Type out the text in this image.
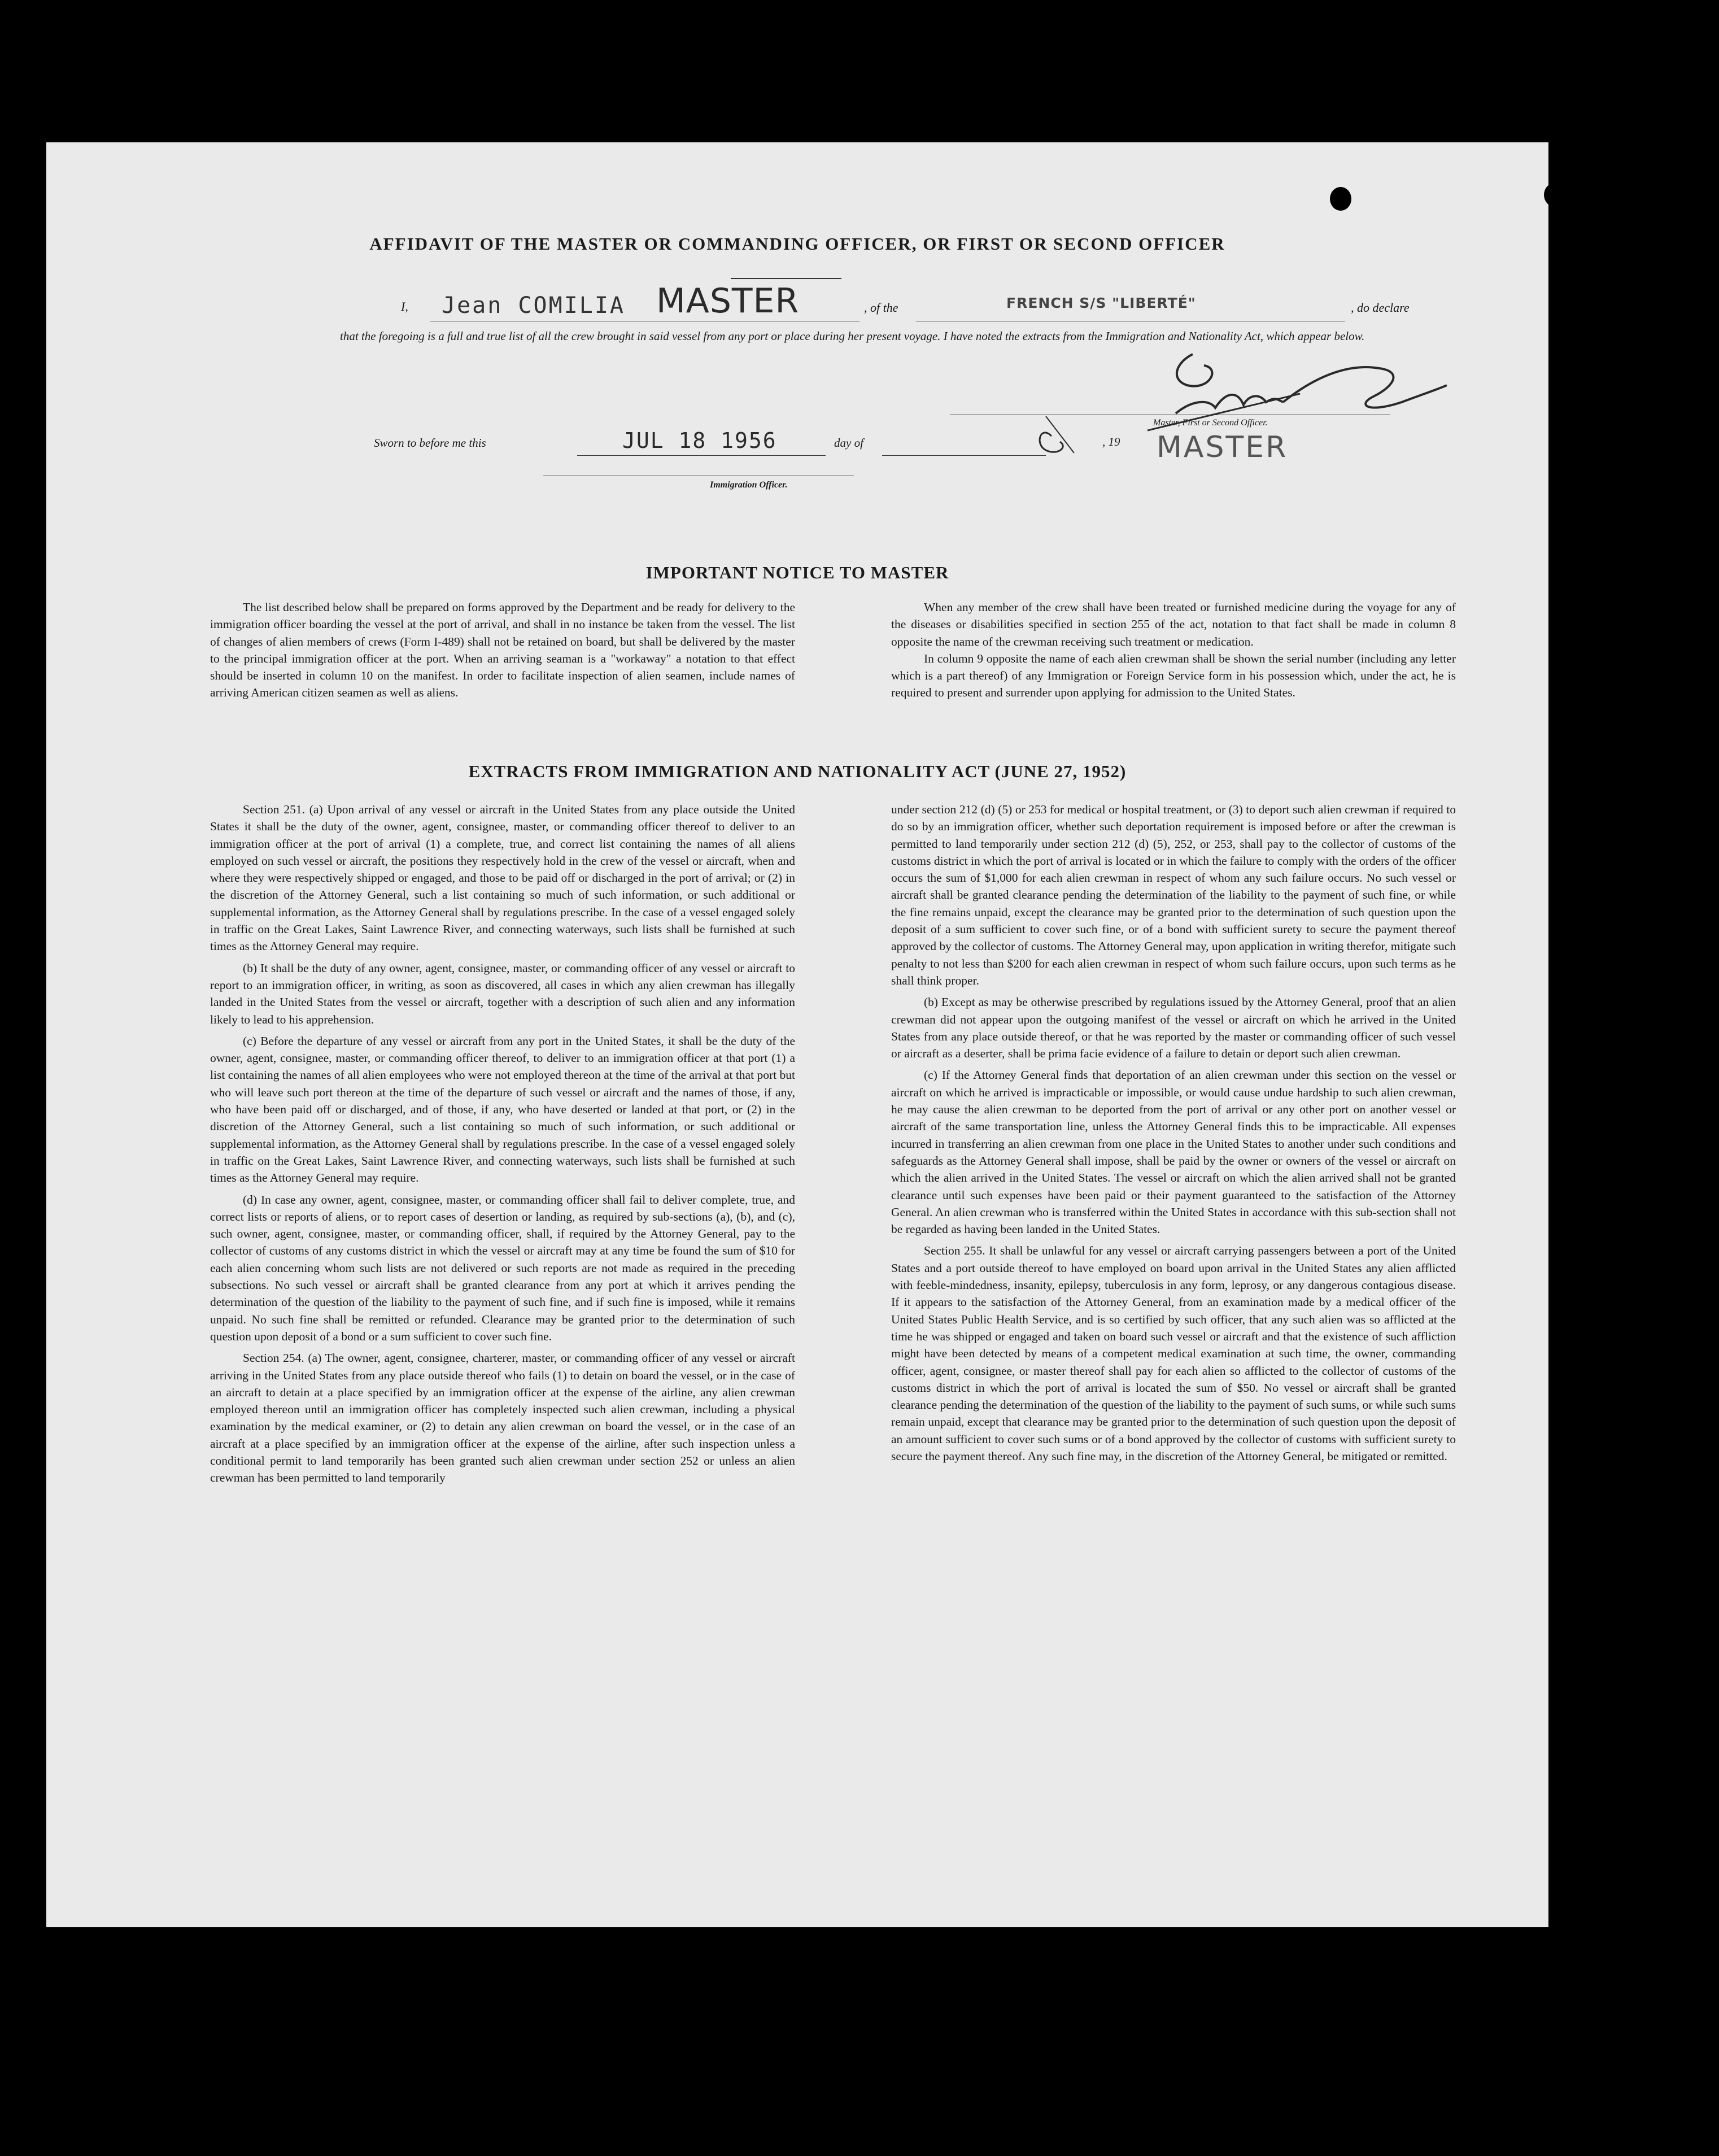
AFFIDAVIT OF THE MASTER OR COMMANDING OFFICER, OR FIRST OR SECOND OFFICER
I, Jean COMILIA MASTER	, of the	FRENCH S/S "LIBERTÉ"	, do declare
that the foregoing is a full and true list of all the crew brought in said vessel from any port or place during her present voyage. I have noted the extracts from the Immigration and Nationality Act, which appear below.
Sworn to before me this	JUL 18 1956	day of	, 19
Master, First or Second Officer.
MASTER
Immigration Officer.
IMPORTANT NOTICE TO MASTER

The list described below shall be prepared on forms approved by the Department and be ready for delivery to the immigration officer boarding the vessel at the port of arrival, and shall in no instance be taken from the vessel. The list of changes of alien members of crews (Form I-489) shall not be retained on board, but shall be delivered by the master to the principal immigration officer at the port. When an arriving seaman is a "workaway" a notation to that effect should be inserted in column 10 on the manifest. In order to facilitate inspection of alien seamen, include names of arriving American citizen seamen as well as aliens.

When any member of the crew shall have been treated or furnished medicine during the voyage for any of the diseases or disabilities specified in section 255 of the act, notation to that fact shall be made in column 8 opposite the name of the crewman receiving such treatment or medication.

In column 9 opposite the name of each alien crewman shall be shown the serial number (including any letter which is a part thereof) of any Immigration or Foreign Service form in his possession which, under the act, he is required to present and surrender upon applying for admission to the United States.

EXTRACTS FROM IMMIGRATION AND NATIONALITY ACT (JUNE 27, 1952)

Section 251. (a) Upon arrival of any vessel or aircraft in the United States from any place outside the United States it shall be the duty of the owner, agent, consignee, master, or commanding officer thereof to deliver to an immigration officer at the port of arrival (1) a complete, true, and correct list containing the names of all aliens employed on such vessel or aircraft, the positions they respectively hold in the crew of the vessel or aircraft, when and where they were respectively shipped or engaged, and those to be paid off or discharged in the port of arrival; or (2) in the discretion of the Attorney General, such a list containing so much of such information, or such additional or supplemental information, as the Attorney General shall by regulations prescribe. In the case of a vessel engaged solely in traffic on the Great Lakes, Saint Lawrence River, and connecting waterways, such lists shall be furnished at such times as the Attorney General may require.

(b) It shall be the duty of any owner, agent, consignee, master, or commanding officer of any vessel or aircraft to report to an immigration officer, in writing, as soon as discovered, all cases in which any alien crewman has illegally landed in the United States from the vessel or aircraft, together with a description of such alien and any information likely to lead to his apprehension.

(c) Before the departure of any vessel or aircraft from any port in the United States, it shall be the duty of the owner, agent, consignee, master, or commanding officer thereof, to deliver to an immigration officer at that port (1) a list containing the names of all alien employees who were not employed thereon at the time of the arrival at that port but who will leave such port thereon at the time of the departure of such vessel or aircraft and the names of those, if any, who have been paid off or discharged, and of those, if any, who have deserted or landed at that port, or (2) in the discretion of the Attorney General, such a list containing so much of such information, or such additional or supplemental information, as the Attorney General shall by regulations prescribe. In the case of a vessel engaged solely in traffic on the Great Lakes, Saint Lawrence River, and connecting waterways, such lists shall be furnished at such times as the Attorney General may require.

(d) In case any owner, agent, consignee, master, or commanding officer shall fail to deliver complete, true, and correct lists or reports of aliens, or to report cases of desertion or landing, as required by sub-sections (a), (b), and (c), such owner, agent, consignee, master, or commanding officer, shall, if required by the Attorney General, pay to the collector of customs of any customs district in which the vessel or aircraft may at any time be found the sum of $10 for each alien concerning whom such lists are not delivered or such reports are not made as required in the preceding subsections. No such vessel or aircraft shall be granted clearance from any port at which it arrives pending the determination of the question of the liability to the payment of such fine, and if such fine is imposed, while it remains unpaid. No such fine shall be remitted or refunded. Clearance may be granted prior to the determination of such question upon deposit of a bond or a sum sufficient to cover such fine.

Section 254. (a) The owner, agent, consignee, charterer, master, or commanding officer of any vessel or aircraft arriving in the United States from any place outside thereof who fails (1) to detain on board the vessel, or in the case of an aircraft to detain at a place specified by an immigration officer at the expense of the airline, any alien crewman employed thereon until an immigration officer has completely inspected such alien crewman, including a physical examination by the medical examiner, or (2) to detain any alien crewman on board the vessel, or in the case of an aircraft at a place specified by an immigration officer at the expense of the airline, after such inspection unless a conditional permit to land temporarily has been granted such alien crewman under section 252 or unless an alien crewman has been permitted to land temporarily

under section 212 (d) (5) or 253 for medical or hospital treatment, or (3) to deport such alien crewman if required to do so by an immigration officer, whether such deportation requirement is imposed before or after the crewman is permitted to land temporarily under section 212 (d) (5), 252, or 253, shall pay to the collector of customs of the customs district in which the port of arrival is located or in which the failure to comply with the orders of the officer occurs the sum of $1,000 for each alien crewman in respect of whom any such failure occurs. No such vessel or aircraft shall be granted clearance pending the determination of the liability to the payment of such fine, or while the fine remains unpaid, except the clearance may be granted prior to the determination of such question upon the deposit of a sum sufficient to cover such fine, or of a bond with sufficient surety to secure the payment thereof approved by the collector of customs. The Attorney General may, upon application in writing therefor, mitigate such penalty to not less than $200 for each alien crewman in respect of whom such failure occurs, upon such terms as he shall think proper.

(b) Except as may be otherwise prescribed by regulations issued by the Attorney General, proof that an alien crewman did not appear upon the outgoing manifest of the vessel or aircraft on which he arrived in the United States from any place outside thereof, or that he was reported by the master or commanding officer of such vessel or aircraft as a deserter, shall be prima facie evidence of a failure to detain or deport such alien crewman.

(c) If the Attorney General finds that deportation of an alien crewman under this section on the vessel or aircraft on which he arrived is impracticable or impossible, or would cause undue hardship to such alien crewman, he may cause the alien crewman to be deported from the port of arrival or any other port on another vessel or aircraft of the same transportation line, unless the Attorney General finds this to be impracticable. All expenses incurred in transferring an alien crewman from one place in the United States to another under such conditions and safeguards as the Attorney General shall impose, shall be paid by the owner or owners of the vessel or aircraft on which the alien arrived in the United States. The vessel or aircraft on which the alien arrived shall not be granted clearance until such expenses have been paid or their payment guaranteed to the satisfaction of the Attorney General. An alien crewman who is transferred within the United States in accordance with this sub-section shall not be regarded as having been landed in the United States.

Section 255. It shall be unlawful for any vessel or aircraft carrying passengers between a port of the United States and a port outside thereof to have employed on board upon arrival in the United States any alien afflicted with feeble-mindedness, insanity, epilepsy, tuberculosis in any form, leprosy, or any dangerous contagious disease. If it appears to the satisfaction of the Attorney General, from an examination made by a medical officer of the United States Public Health Service, and is so certified by such officer, that any such alien was so afflicted at the time he was shipped or engaged and taken on board such vessel or aircraft and that the existence of such affliction might have been detected by means of a competent medical examination at such time, the owner, commanding officer, agent, consignee, or master thereof shall pay for each alien so afflicted to the collector of customs of the customs district in which the port of arrival is located the sum of $50. No vessel or aircraft shall be granted clearance pending the determination of the question of the liability to the payment of such sums, or while such sums remain unpaid, except that clearance may be granted prior to the determination of such question upon the deposit of an amount sufficient to cover such sums or of a bond approved by the collector of customs with sufficient surety to secure the payment thereof. Any such fine may, in the discretion of the Attorney General, be mitigated or remitted.
